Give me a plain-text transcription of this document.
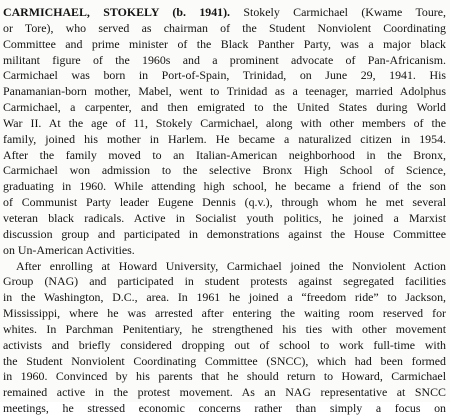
CARMICHAEL, STOKELY (b. 1941). Stokely Carmichael (Kwame Toure,
or Tore), who served as chairman of the Student Nonviolent Coordinating
Committee and prime minister of the Black Panther Party, was a major black
militant figure of the 1960s and a prominent advocate of Pan-Africanism.
Carmichael was born in Port-of-Spain, Trinidad, on June 29, 1941. His
Panamanian-born mother, Mabel, went to Trinidad as a teenager, married Adolphus
Carmichael, a carpenter, and then emigrated to the United States during World
War II. At the age of 11, Stokely Carmichael, along with other members of the
family, joined his mother in Harlem. He became a naturalized citizen in 1954.
After the family moved to an Italian-American neighborhood in the Bronx,
Carmichael won admission to the selective Bronx High School of Science,
graduating in 1960. While attending high school, he became a friend of the son
of Communist Party leader Eugene Dennis (q.v.), through whom he met several
veteran black radicals. Active in Socialist youth politics, he joined a Marxist
discussion group and participated in demonstrations against the House Committee
on Un-American Activities.
After enrolling at Howard University, Carmichael joined the Nonviolent Action
Group (NAG) and participated in student protests against segregated facilities
in the Washington, D.C., area. In 1961 he joined a “freedom ride” to Jackson,
Mississippi, where he was arrested after entering the waiting room reserved for
whites. In Parchman Penitentiary, he strengthened his ties with other movement
activists and briefly considered dropping out of school to work full-time with
the Student Nonviolent Coordinating Committee (SNCC), which had been formed
in 1960. Convinced by his parents that he should return to Howard, Carmichael
remained active in the protest movement. As an NAG representative at SNCC
meetings, he stressed economic concerns rather than simply a focus on
